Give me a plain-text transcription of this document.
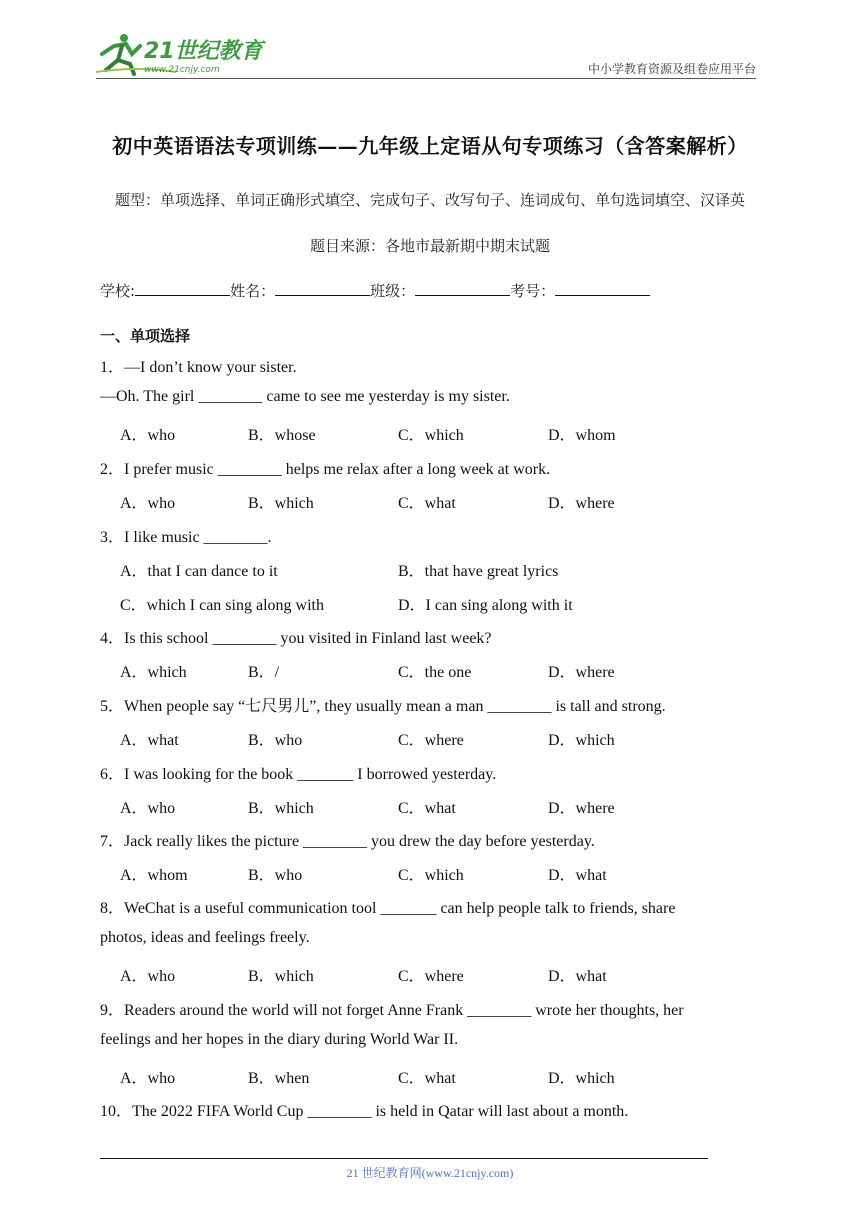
21世纪教育
www.21cnjy.com	中小学教育资源及组卷应用平台
初中英语语法专项训练——九年级上定语从句专项练习（含答案解析）
题型：单项选择、单词正确形式填空、完成句子、改写句子、连词成句、单句选词填空、汉译英
题目来源：各地市最新期中期末试题
学校:	姓名：	班级：	考号：
一、单项选择
1．—I don’t know your sister.
—Oh. The girl ________ came to see me yesterday is my sister.
A．who	B．whose	C．which	D．whom
2．I prefer music ________ helps me relax after a long week at work.
A．who	B．which	C．what	D．where
3．I like music ________.
A．that I can dance to it	B．that have great lyrics
C．which I can sing along with	D．I can sing along with it
4．Is this school ________ you visited in Finland last week?
A．which	B．/	C．the one	D．where
5．When people say “七尺男儿”, they usually mean a man ________ is tall and strong.
A．what	B．who	C．where	D．which
6．I was looking for the book _______ I borrowed yesterday.
A．who	B．which	C．what	D．where
7．Jack really likes the picture ________ you drew the day before yesterday.
A．whom	B．who	C．which	D．what
8．WeChat is a useful communication tool _______ can help people talk to friends, share
photos, ideas and feelings freely.
A．who	B．which	C．where	D．what
9．Readers around the world will not forget Anne Frank ________ wrote her thoughts, her
feelings and her hopes in the diary during World War II.
A．who	B．when	C．what	D．which
10．The 2022 FIFA World Cup ________ is held in Qatar will last about a month.
21 世纪教育网(www.21cnjy.com)
